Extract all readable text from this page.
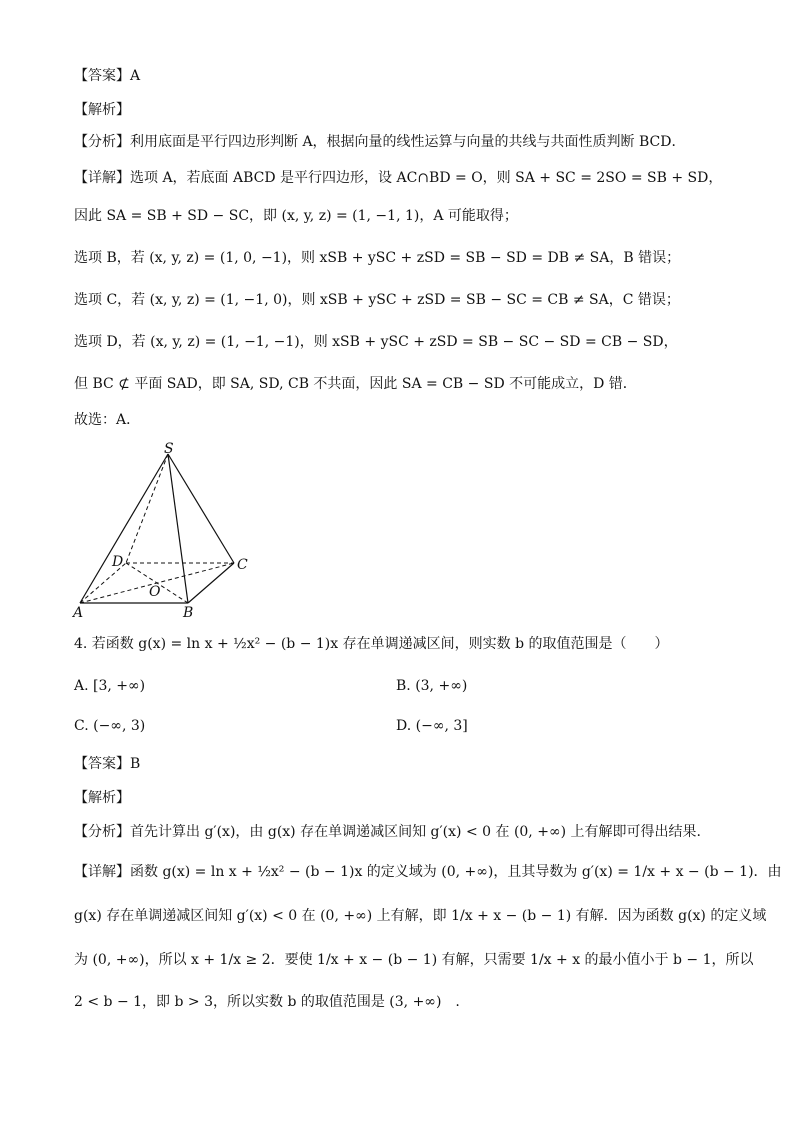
【答案】A
【解析】
【分析】利用底面是平行四边形判断 A，根据向量的线性运算与向量的共线与共面性质判断 BCD．
【详解】选项 A，若底面 ABCD 是平行四边形，设 AC∩BD = O，则 SA + SC = 2SO = SB + SD，
因此 SA = SB + SD − SC，即 (x, y, z) = (1, −1, 1)，A 可能取得；
选项 B，若 (x, y, z) = (1, 0, −1)，则 xSB + ySC + zSD = SB − SD = DB ≠ SA，B 错误；
选项 C，若 (x, y, z) = (1, −1, 0)，则 xSB + ySC + zSD = SB − SC = CB ≠ SA，C 错误；
选项 D，若 (x, y, z) = (1, −1, −1)，则 xSB + ySC + zSD = SB − SC − SD = CB − SD，
但 BC ⊄ 平面 SAD，即 SA, SD, CB 不共面，因此 SA = CB − SD 不可能成立，D 错．
故选：A．
S
D	C
O
A	B
4. 若函数 g(x) = ln x + ½x² − (b − 1)x 存在单调递减区间，则实数 b 的取值范围是（　　）
A. [3, +∞)	B. (3, +∞)
C. (−∞, 3)	D. (−∞, 3]
【答案】B
【解析】
【分析】首先计算出 g′(x)，由 g(x) 存在单调递减区间知 g′(x) < 0 在 (0, +∞) 上有解即可得出结果.
【详解】函数 g(x) = ln x + ½x² − (b − 1)x 的定义域为 (0, +∞)，且其导数为 g′(x) = 1/x + x − (b − 1)．由
g(x) 存在单调递减区间知 g′(x) < 0 在 (0, +∞) 上有解，即 1/x + x − (b − 1) 有解．因为函数 g(x) 的定义域
为 (0, +∞)，所以 x + 1/x ≥ 2．要使 1/x + x − (b − 1) 有解，只需要 1/x + x 的最小值小于 b − 1，所以
2 < b − 1，即 b > 3，所以实数 b 的取值范围是 (3, +∞)　.
